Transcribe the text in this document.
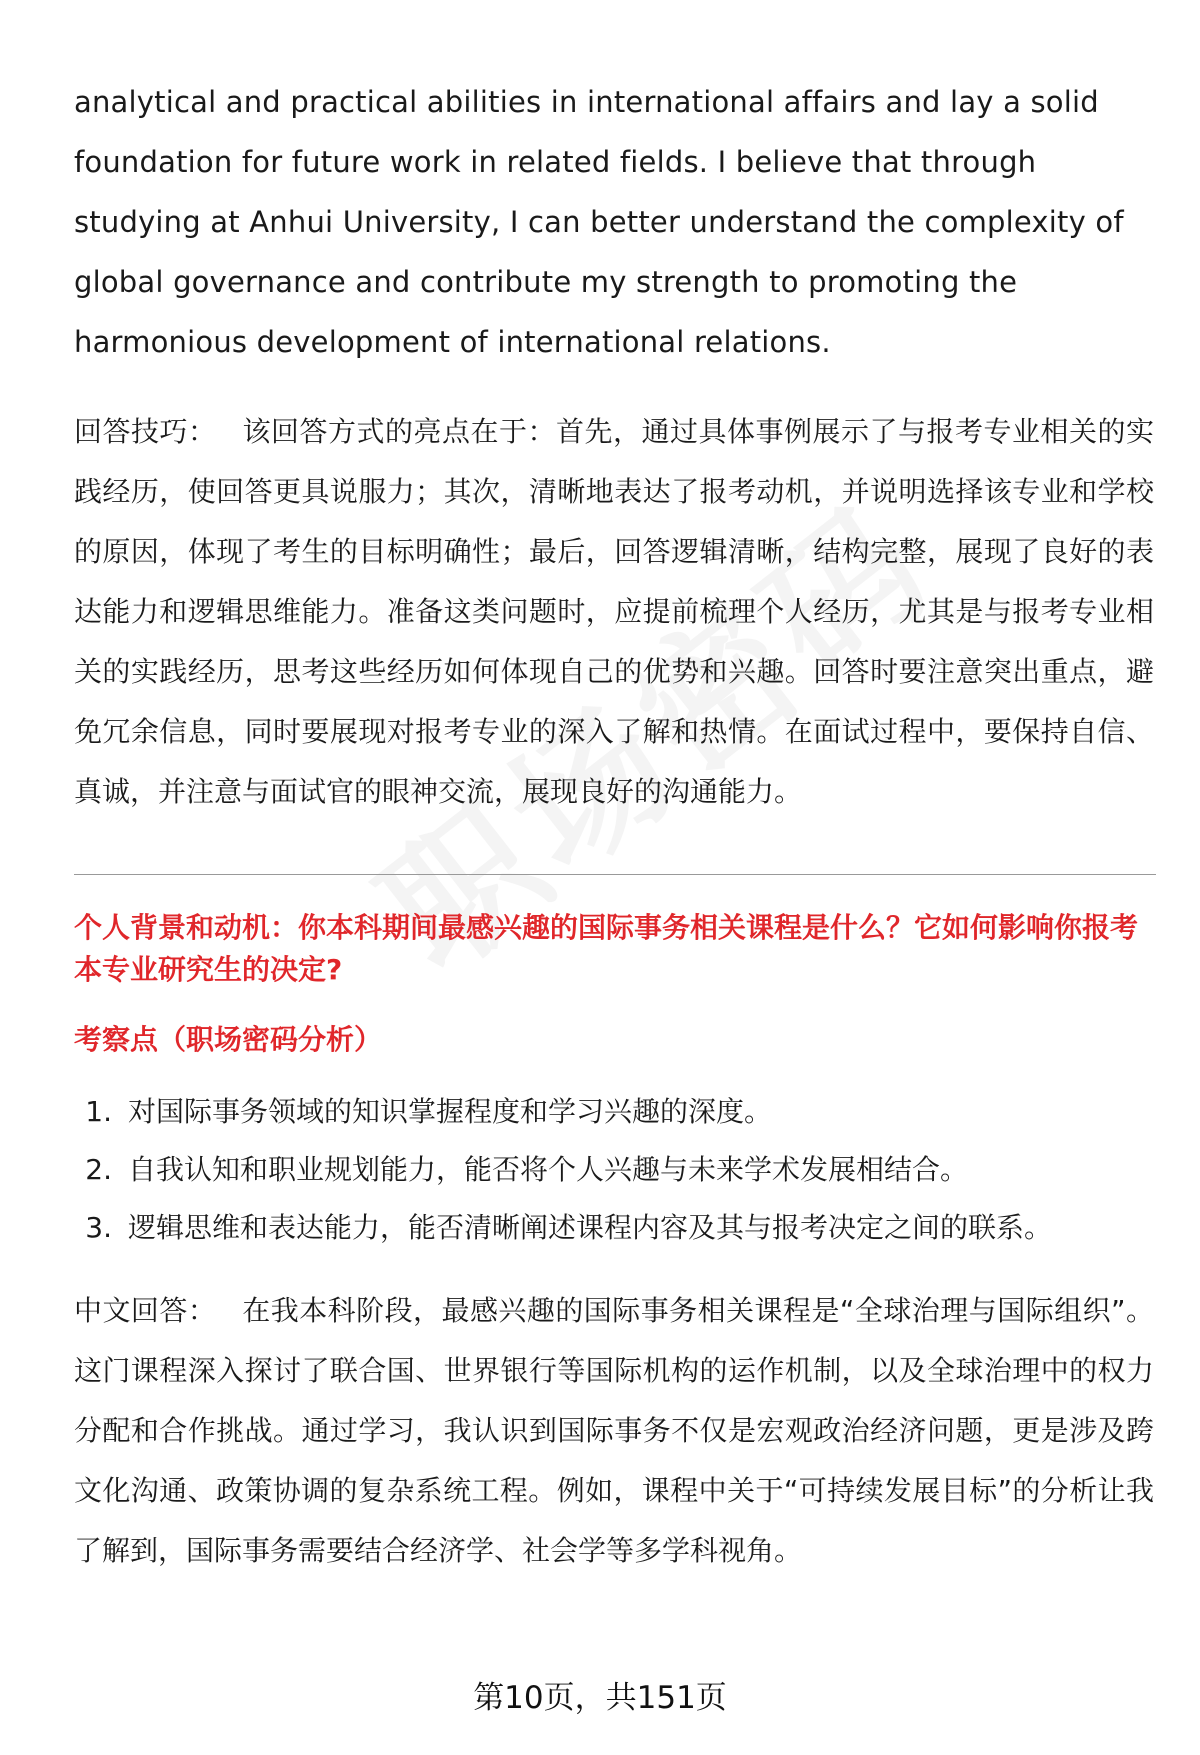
analytical and practical abilities in international affairs and lay a solid foundation for future work in related fields. I believe that through studying at Anhui University, I can better understand the complexity of global governance and contribute my strength to promoting the harmonious development of international relations.

回答技巧： 该回答方式的亮点在于：首先，通过具体事例展示了与报考专业相关的实践经历，使回答更具说服力；其次，清晰地表达了报考动机，并说明选择该专业和学校的原因，体现了考生的目标明确性；最后，回答逻辑清晰，结构完整，展现了良好的表达能力和逻辑思维能力。准备这类问题时，应提前梳理个人经历，尤其是与报考专业相关的实践经历，思考这些经历如何体现自己的优势和兴趣。回答时要注意突出重点，避免冗余信息，同时要展现对报考专业的深入了解和热情。在面试过程中，要保持自信、真诚，并注意与面试官的眼神交流，展现良好的沟通能力。

个人背景和动机：你本科期间最感兴趣的国际事务相关课程是什么？它如何影响你报考本专业研究生的决定?
考察点（职场密码分析）
1. 对国际事务领域的知识掌握程度和学习兴趣的深度。
2. 自我认知和职业规划能力，能否将个人兴趣与未来学术发展相结合。
3. 逻辑思维和表达能力，能否清晰阐述课程内容及其与报考决定之间的联系。

中文回答： 在我本科阶段，最感兴趣的国际事务相关课程是“全球治理与国际组织”。这门课程深入探讨了联合国、世界银行等国际机构的运作机制，以及全球治理中的权力分配和合作挑战。通过学习，我认识到国际事务不仅是宏观政治经济问题，更是涉及跨文化沟通、政策协调的复杂系统工程。例如，课程中关于“可持续发展目标”的分析让我了解到，国际事务需要结合经济学、社会学等多学科视角。

第10页，共151页
